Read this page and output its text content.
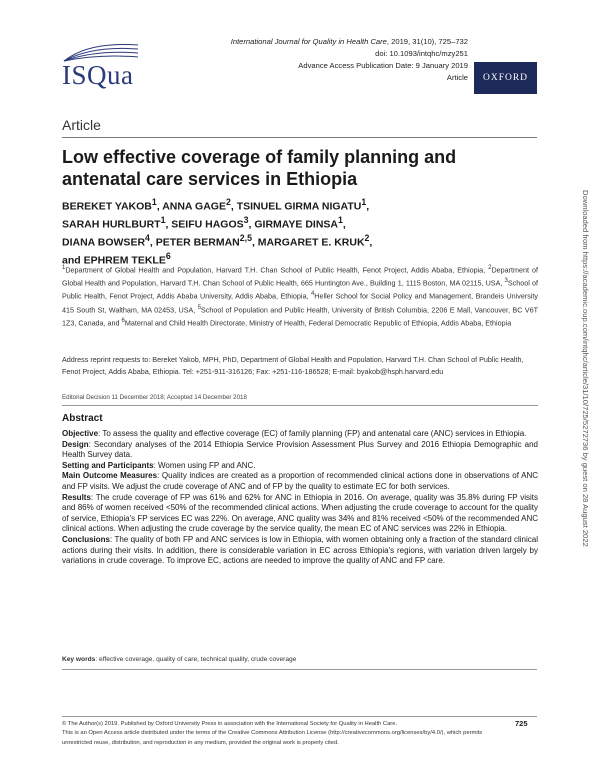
ISQua

International Journal for Quality in Health Care, 2019, 31(10), 725–732
doi: 10.1093/intqhc/mzy251
Advance Access Publication Date: 9 January 2019
Article	OXFORD
Article
Low effective coverage of family planning and antenatal care services in Ethiopia
BEREKET YAKOB$^1$, ANNA GAGE$^2$, TSINUEL GIRMA NIGATU$^1$,
SARAH HURLBURT$^1$, SEIFU HAGOS$^3$, GIRMAYE DINSA$^1$,
DIANA BOWSER$^4$, PETER BERMAN$^{2,5}$, MARGARET E. KRUK$^2$,
and EPHREM TEKLE$^6$

$^1$Department of Global Health and Population, Harvard T.H. Chan School of Public Health, Fenot Project, Addis Ababa, Ethiopia, $^2$Department of Global Health and Population, Harvard T.H. Chan School of Public Health, 665 Huntington Ave., Building 1, 1115 Boston, MA 02115, USA, $^3$School of Public Health, Fenot Project, Addis Ababa University, Addis Ababa, Ethiopia, $^4$Heller School for Social Policy and Management, Brandeis University 415 South St, Waltham, MA 02453, USA, $^5$School of Population and Public Health, University of British Columbia, 2206 E Mall, Vancouver, BC V6T 1Z3, Canada, and $^6$Maternal and Child Health Directorate, Ministry of Health, Federal Democratic Republic of Ethiopia, Addis Ababa, Ethiopia

Address reprint requests to: Bereket Yakob, MPH, PhD, Department of Global Health and Population, Harvard T.H. Chan School of Public Health, Fenot Project, Addis Ababa, Ethiopia. Tel: +251-911-316126; Fax: +251-116-186528; E-mail: byakob@hsph.harvard.edu

Editorial Decision 11 December 2018; Accepted 14 December 2018

Abstract

Objective: To assess the quality and effective coverage (EC) of family planning (FP) and antenatal care (ANC) services in Ethiopia.

Design: Secondary analyses of the 2014 Ethiopia Service Provision Assessment Plus Survey and 2016 Ethiopia Demographic and Health Survey data.

Setting and Participants: Women using FP and ANC.

Main Outcome Measures: Quality indices are created as a proportion of recommended clinical actions done in observations of ANC and FP visits. We adjust the crude coverage of ANC and of FP by the quality to estimate EC for both services.

Results: The crude coverage of FP was 61% and 62% for ANC in Ethiopia in 2016. On average, quality was 35.8% during FP visits and 86% of women received <50% of the recommended clinical actions. When adjusting the crude coverage to account for the quality of service, Ethiopia's FP services EC was 22%. On average, ANC quality was 34% and 81% received <50% of the recommended ANC clinical actions. When adjusting the crude coverage by the service quality, the mean EC of ANC services was 22% in Ethiopia.

Conclusions: The quality of both FP and ANC services is low in Ethiopia, with women obtaining only a fraction of the standard clinical actions during their visits. In addition, there is considerable variation in EC across Ethiopia's regions, with variation driven largely by variations in crude coverage. To improve EC, actions are needed to improve the quality of ANC and FP care.

Key words: effective coverage, quality of care, technical quality, crude coverage

© The Author(s) 2019. Published by Oxford University Press in association with the International Society for Quality in Health Care.
This is an Open Access article distributed under the terms of the Creative Commons Attribution License (http://creativecommons.org/licenses/by/4.0/), which permits unrestricted reuse, distribution, and reproduction in any medium, provided the original work is properly cited.

725

Downloaded from https://academic.oup.com/intqhc/article/31/10/725/5272736 by guest on 28 August 2022
